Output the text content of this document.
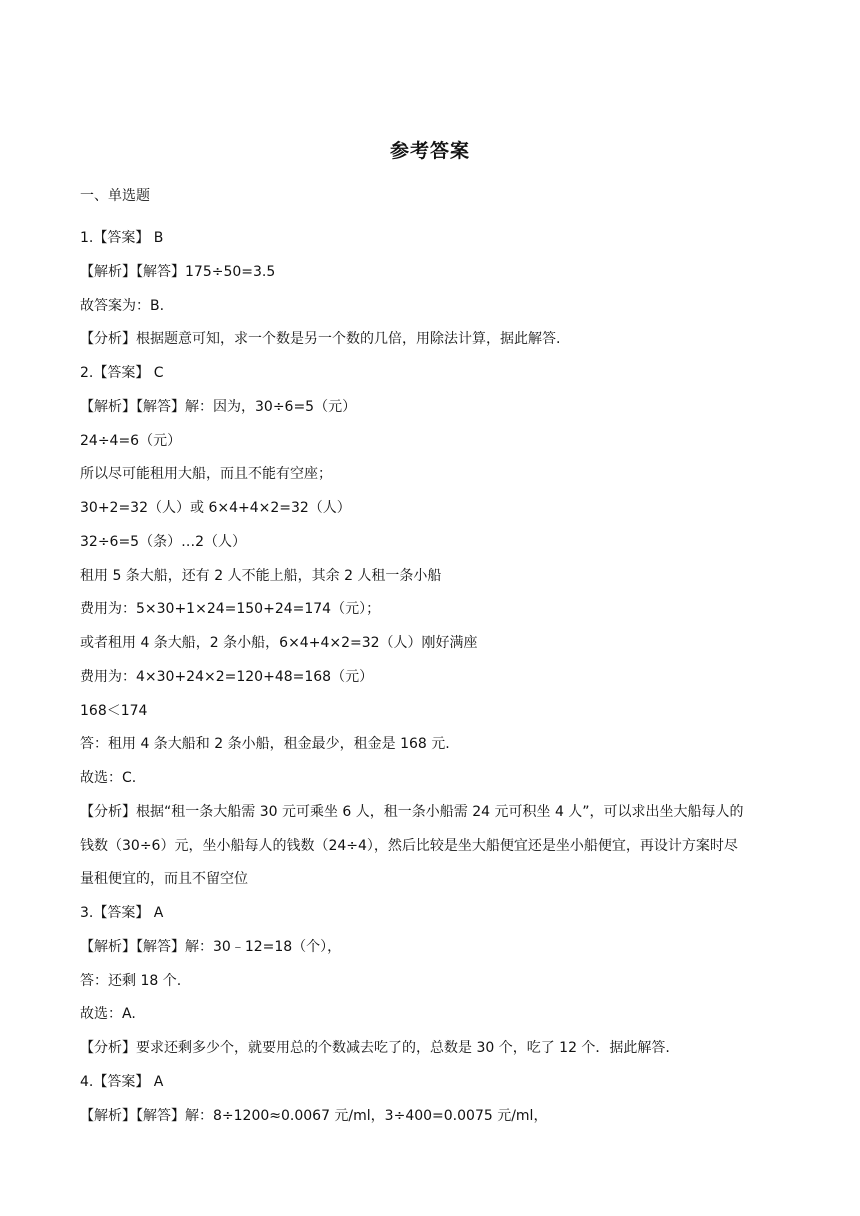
参考答案
一、单选题
1.【答案】 B
【解析】【解答】175÷50=3.5
故答案为：B.
【分析】根据题意可知，求一个数是另一个数的几倍，用除法计算，据此解答.
2.【答案】 C
【解析】【解答】解：因为，30÷6=5（元）
24÷4=6（元）
所以尽可能租用大船，而且不能有空座；
30+2=32（人）或 6×4+4×2=32（人）
32÷6=5（条）…2（人）
租用 5 条大船，还有 2 人不能上船，其余 2 人租一条小船
费用为：5×30+1×24=150+24=174（元）；
或者租用 4 条大船，2 条小船，6×4+4×2=32（人）刚好满座
费用为：4×30+24×2=120+48=168（元）
168＜174
答：租用 4 条大船和 2 条小船，租金最少，租金是 168 元.
故选：C.
【分析】根据“租一条大船需 30 元可乘坐 6 人，租一条小船需 24 元可积坐 4 人”，可以求出坐大船每人的
钱数（30÷6）元，坐小船每人的钱数（24÷4），然后比较是坐大船便宜还是坐小船便宜，再设计方案时尽
量租便宜的，而且不留空位
3.【答案】 A
【解析】【解答】解：30﹣12=18（个），
答：还剩 18 个.
故选：A.
【分析】要求还剩多少个，就要用总的个数减去吃了的，总数是 30 个，吃了 12 个．据此解答.
4.【答案】 A
【解析】【解答】解：8÷1200≈0.0067 元/ml，3÷400=0.0075 元/ml，
